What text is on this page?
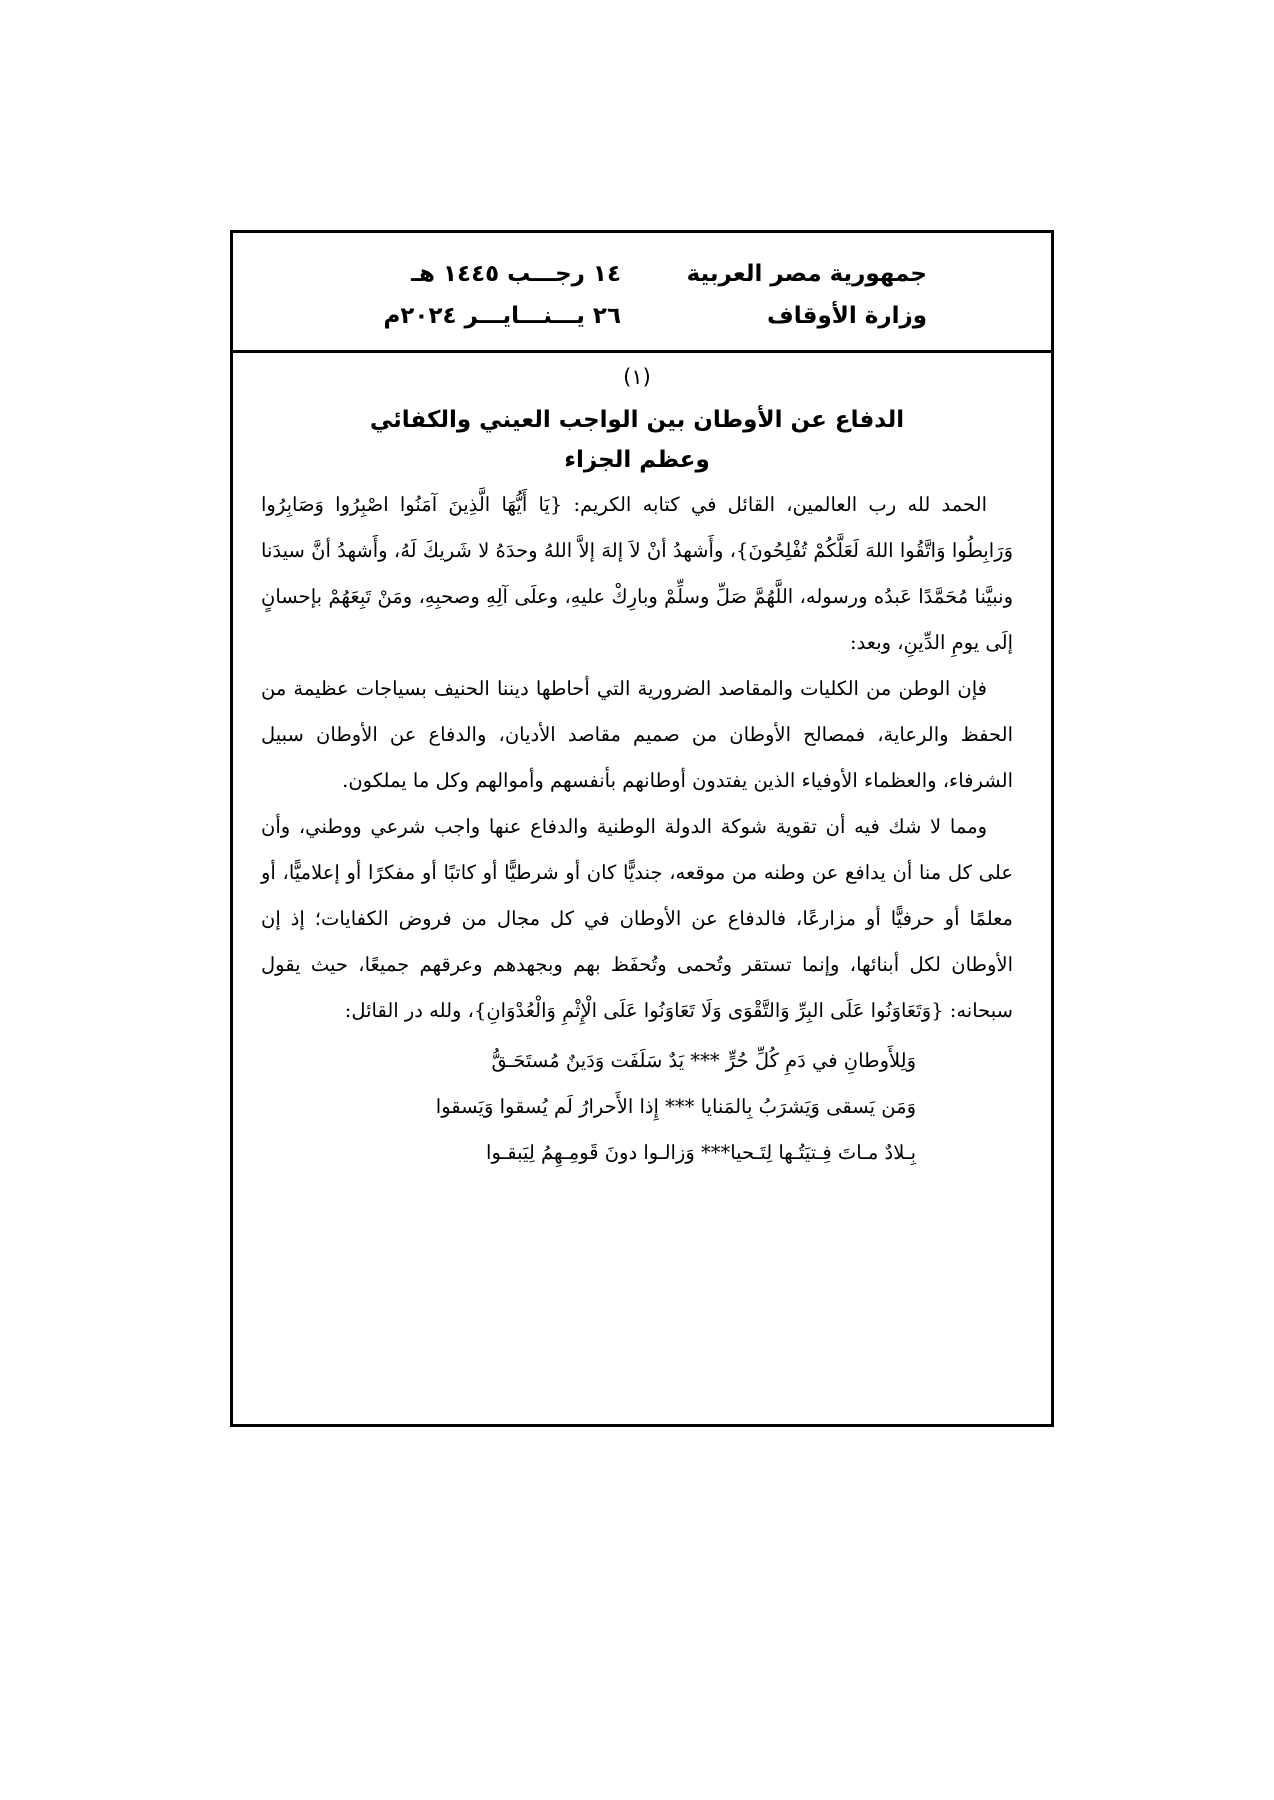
جمهورية مصر العربية
وزارة الأوقاف
١٤ رجـــب ١٤٤٥ هـ
٢٦ يـــنـــايـــر ٢٠٢٤م
(١)
الدفاع عن الأوطان بين الواجب العيني والكفائي
وعظم الجزاء

الحمد لله رب العالمين، القائل في كتابه الكريم: {يَا أَيُّهَا الَّذِينَ آمَنُوا اصْبِرُوا وَصَابِرُوا وَرَابِطُوا وَاتَّقُوا اللهَ لَعَلَّكُمْ تُفْلِحُونَ}، وأَشهدُ أنْ لاَ إلهَ إلاَّ اللهُ وحدَهُ لا شَريكَ لَهُ، وأَشهدُ أنَّ سيدَنا ونبيَّنا مُحَمَّدًا عَبدُه ورسوله، اللَّهُمَّ صَلِّ وسلِّمْ وبارِكْ عليهِ، وعلَى آلِهِ وصحبِهِ، ومَنْ تَبِعَهُمْ بإحسانٍ إلَى يومِ الدِّينِ، وبعد:

فإن الوطن من الكليات والمقاصد الضرورية التي أحاطها ديننا الحنيف بسياجات عظيمة من الحفظ والرعاية، فمصالح الأوطان من صميم مقاصد الأديان، والدفاع عن الأوطان سبيل الشرفاء، والعظماء الأوفياء الذين يفتدون أوطانهم بأنفسهم وأموالهم وكل ما يملكون.

ومما لا شك فيه أن تقوية شوكة الدولة الوطنية والدفاع عنها واجب شرعي ووطني، وأن على كل منا أن يدافع عن وطنه من موقعه، جنديًّا كان أو شرطيًّا أو كاتبًا أو مفكرًا أو إعلاميًّا، أو معلمًا أو حرفيًّا أو مزارعًا، فالدفاع عن الأوطان في كل مجال من فروض الكفايات؛ إذ إن الأوطان لكل أبنائها، وإنما تستقر وتُحمى وتُحفَظ بهم وبجهدهم وعرقهم جميعًا، حيث يقول سبحانه: {وَتَعَاوَنُوا عَلَى البِرِّ وَالتَّقْوَى وَلَا تَعَاوَنُوا عَلَى الْإِثْمِ وَالْعُدْوَانِ}، ولله در القائل:

وَلِلأَوطانِ في دَمِ كُلِّ حُرٍّ *** يَدٌ سَلَفَت وَدَينٌ مُستَحَـقُّ
وَمَن يَسقى وَيَشرَبُ بِالمَنايا *** إِذا الأَحرارُ لَم يُسقوا وَيَسقوا
بِـلادٌ مـاتَ فِـتيَتُـها لِتَـحيا*** وَزالـوا دونَ قَومِـهِمُ لِيَبقـوا
